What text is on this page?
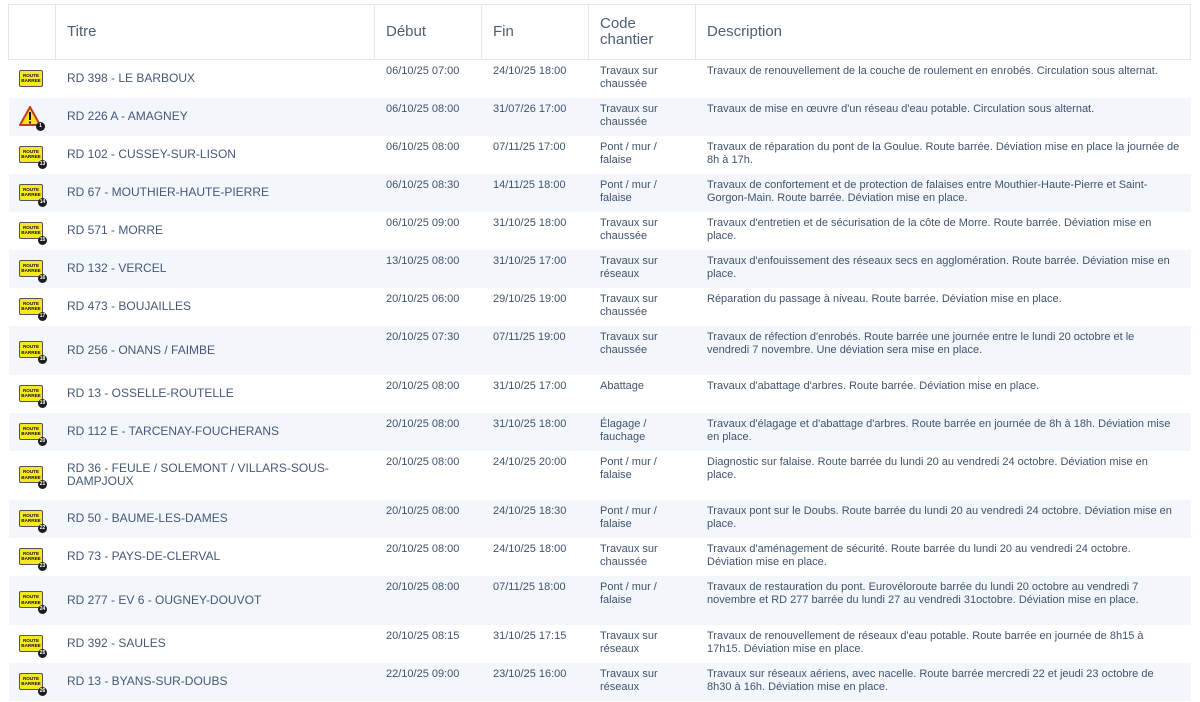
	Titre	Début	Fin	Code chantier	Description

ROUTE
BARREE	RD 398 - LE BARBOUX	06/10/25 07:00	24/10/25 18:00	Travaux sur chaussée	Travaux de renouvellement de la couche de roulement en enrobés. Circulation sous alternat.

1	RD 226 A - AMAGNEY	06/10/25 08:00	31/07/26 17:00	Travaux sur chaussée	Travaux de mise en œuvre d'un réseau d'eau potable. Circulation sous alternat.

ROUTE
BARREE
13	RD 102 - CUSSEY-SUR-LISON	06/10/25 08:00	07/11/25 17:00	Pont / mur / falaise	Travaux de réparation du pont de la Goulue. Route barrée. Déviation mise en place la journée de 8h à 17h.

ROUTE
BARREE
14	RD 67 - MOUTHIER-HAUTE-PIERRE	06/10/25 08:30	14/11/25 18:00	Pont / mur / falaise	Travaux de confortement et de protection de falaises entre Mouthier-Haute-Pierre et Saint-Gorgon-Main. Route barrée. Déviation mise en place.

ROUTE
BARREE
15	RD 571 - MORRE	06/10/25 09:00	31/10/25 18:00	Travaux sur chaussée	Travaux d'entretien et de sécurisation de la côte de Morre. Route barrée. Déviation mise en place.

ROUTE
BARREE
16	RD 132 - VERCEL	13/10/25 08:00	31/10/25 17:00	Travaux sur réseaux	Travaux d'enfouissement des réseaux secs en agglomération. Route barrée. Déviation mise en place.

ROUTE
BARREE
17	RD 473 - BOUJAILLES	20/10/25 06:00	29/10/25 19:00	Travaux sur chaussée	Réparation du passage à niveau. Route barrée. Déviation mise en place.

ROUTE
BARREE
18	RD 256 - ONANS / FAIMBE	20/10/25 07:30	07/11/25 19:00	Travaux sur chaussée	Travaux de réfection d'enrobés. Route barrée une journée entre le lundi 20 octobre et le vendredi 7 novembre. Une déviation sera mise en place.

ROUTE
BARREE
19	RD 13 - OSSELLE-ROUTELLE	20/10/25 08:00	31/10/25 17:00	Abattage	Travaux d'abattage d'arbres. Route barrée. Déviation mise en place.

ROUTE
BARREE
20	RD 112 E - TARCENAY-FOUCHERANS	20/10/25 08:00	31/10/25 18:00	Élagage / fauchage	Travaux d'élagage et d'abattage d'arbres. Route barrée en journée de 8h à 18h. Déviation mise en place.

ROUTE
BARREE
21	RD 36 - FEULE / SOLEMONT / VILLARS-SOUS-DAMPJOUX	20/10/25 08:00	24/10/25 20:00	Pont / mur / falaise	Diagnostic sur falaise. Route barrée du lundi 20 au vendredi 24 octobre. Déviation mise en place.

ROUTE
BARREE
22	RD 50 - BAUME-LES-DAMES	20/10/25 08:00	24/10/25 18:30	Pont / mur / falaise	Travaux pont sur le Doubs. Route barrée du lundi 20 au vendredi 24 octobre. Déviation mise en place.

ROUTE
BARREE
23	RD 73 - PAYS-DE-CLERVAL	20/10/25 08:00	24/10/25 18:00	Travaux sur chaussée	Travaux d'aménagement de sécurité. Route barrée du lundi 20 au vendredi 24 octobre. Déviation mise en place.

ROUTE
BARREE
24	RD 277 - EV 6 - OUGNEY-DOUVOT	20/10/25 08:00	07/11/25 18:00	Pont / mur / falaise	Travaux de restauration du pont. Eurovéloroute barrée du lundi 20 octobre au vendredi 7 novembre et RD 277 barrée du lundi 27 au vendredi 31octobre. Déviation mise en place.

ROUTE
BARREE
25	RD 392 - SAULES	20/10/25 08:15	31/10/25 17:15	Travaux sur réseaux	Travaux de renouvellement de réseaux d'eau potable. Route barrée en journée de 8h15 à 17h15. Déviation mise en place.

ROUTE
BARREE
26	RD 13 - BYANS-SUR-DOUBS	22/10/25 09:00	23/10/25 16:00	Travaux sur réseaux	Travaux sur réseaux aériens, avec nacelle. Route barrée mercredi 22 et jeudi 23 octobre de 8h30 à 16h. Déviation mise en place.
